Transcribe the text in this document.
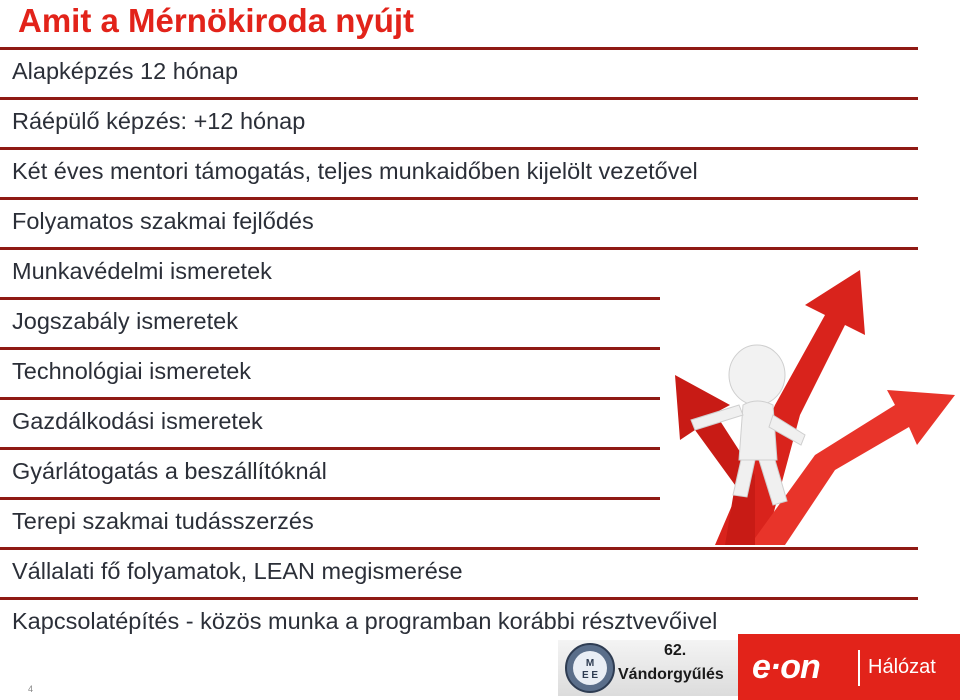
Amit a Mérnökiroda nyújt
Alapképzés 12 hónap
Ráépülő képzés: +12 hónap
Két éves mentori támogatás, teljes munkaidőben kijelölt vezetővel
Folyamatos szakmai fejlődés
Munkavédelmi ismeretek
Jogszabály ismeretek
Technológiai ismeretek
Gazdálkodási ismeretek
Gyárlátogatás a beszállítóknál
Terepi szakmai tudásszerzés
Vállalati fő folyamatok, LEAN megismerése
Kapcsolatépítés - közös munka a programban korábbi résztvevőivel
4
M
E E
62.
Vándorgyűlés e·on Hálózat
